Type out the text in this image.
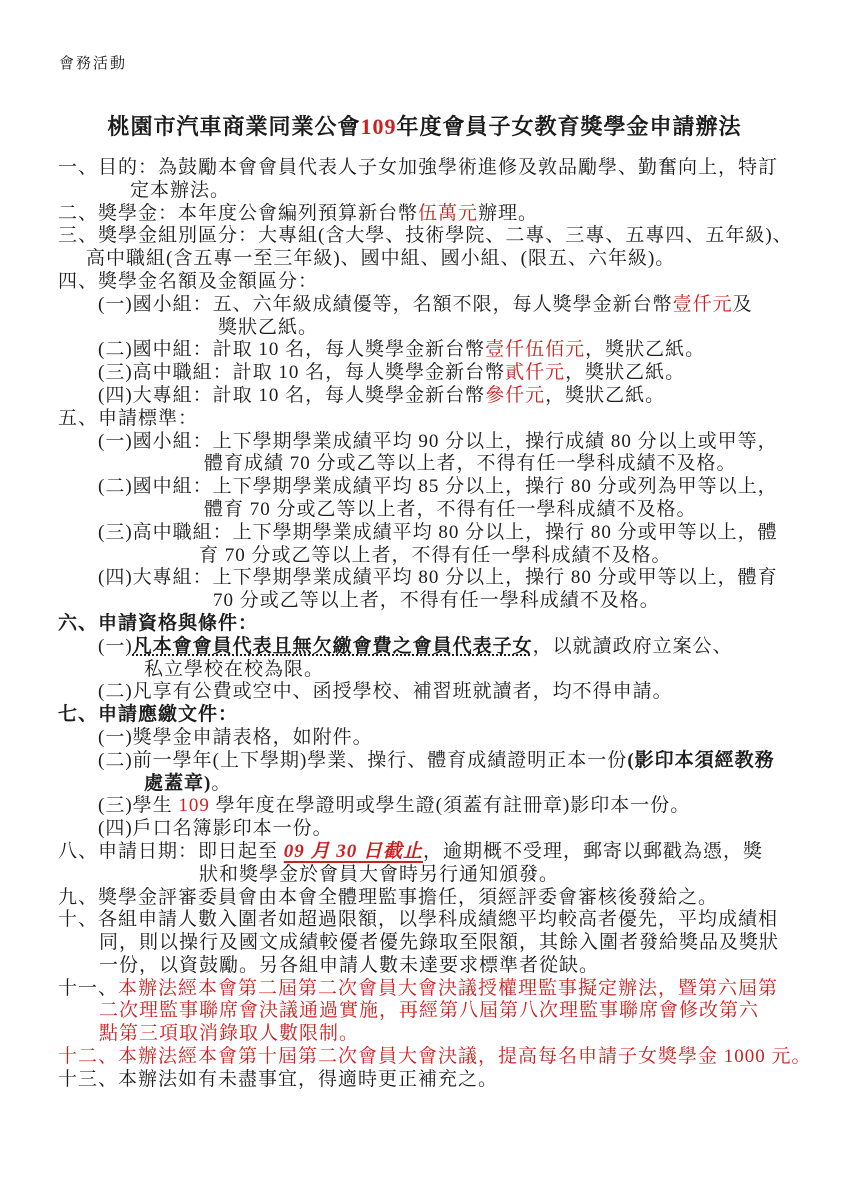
會務活動
桃園市汽車商業同業公會109年度會員子女教育獎學金申請辦法
一、目的：為鼓勵本會會員代表人子女加強學術進修及敦品勵學、勤奮向上，特訂
定本辦法。
二、獎學金：本年度公會編列預算新台幣伍萬元辦理。
三、獎學金組別區分：大專組(含大學、技術學院、二專、三專、五專四、五年級)、
高中職組(含五專一至三年級)、國中組、國小組、(限五、六年級)。
四、獎學金名額及金額區分：
(一)國小組：五、六年級成績優等，名額不限，每人獎學金新台幣壹仟元及
獎狀乙紙。
(二)國中組：計取 10 名，每人獎學金新台幣壹仟伍佰元，獎狀乙紙。
(三)高中職組：計取 10 名，每人獎學金新台幣貳仟元，獎狀乙紙。
(四)大專組：計取 10 名，每人獎學金新台幣參仟元，獎狀乙紙。
五、申請標準：
(一)國小組：上下學期學業成績平均 90 分以上，操行成績 80 分以上或甲等，
體育成績 70 分或乙等以上者，不得有任一學科成績不及格。
(二)國中組：上下學期學業成績平均 85 分以上，操行 80 分或列為甲等以上，
體育 70 分或乙等以上者，不得有任一學科成績不及格。
(三)高中職組：上下學期學業成績平均 80 分以上，操行 80 分或甲等以上，體
育 70 分或乙等以上者，不得有任一學科成績不及格。
(四)大專組：上下學期學業成績平均 80 分以上，操行 80 分或甲等以上，體育
70 分或乙等以上者，不得有任一學科成績不及格。
六、申請資格與條件：
(一)凡本會會員代表且無欠繳會費之會員代表子女，以就讀政府立案公、
私立學校在校為限。
(二)凡享有公費或空中、函授學校、補習班就讀者，均不得申請。
七、申請應繳文件：
(一)獎學金申請表格，如附件。
(二)前一學年(上下學期)學業、操行、體育成績證明正本一份(影印本須經教務
處蓋章)。
(三)學生 109 學年度在學證明或學生證(須蓋有註冊章)影印本一份。
(四)戶口名簿影印本一份。
八、申請日期：即日起至 09 月 30 日截止，逾期概不受理，郵寄以郵戳為憑，獎
狀和獎學金於會員大會時另行通知頒發。
九、獎學金評審委員會由本會全體理監事擔任，須經評委會審核後發給之。
十、各組申請人數入圍者如超過限額，以學科成績總平均較高者優先，平均成績相
同，則以操行及國文成績較優者優先錄取至限額，其餘入圍者發給獎品及獎狀
一份，以資鼓勵。另各組申請人數未達要求標準者從缺。
十一、本辦法經本會第二屆第二次會員大會決議授權理監事擬定辦法，暨第六屆第
二次理監事聯席會決議通過實施，再經第八屆第八次理監事聯席會修改第六
點第三項取消錄取人數限制。
十二、本辦法經本會第十屆第二次會員大會決議，提高每名申請子女獎學金 1000 元。
十三、本辦法如有未盡事宜，得適時更正補充之。
